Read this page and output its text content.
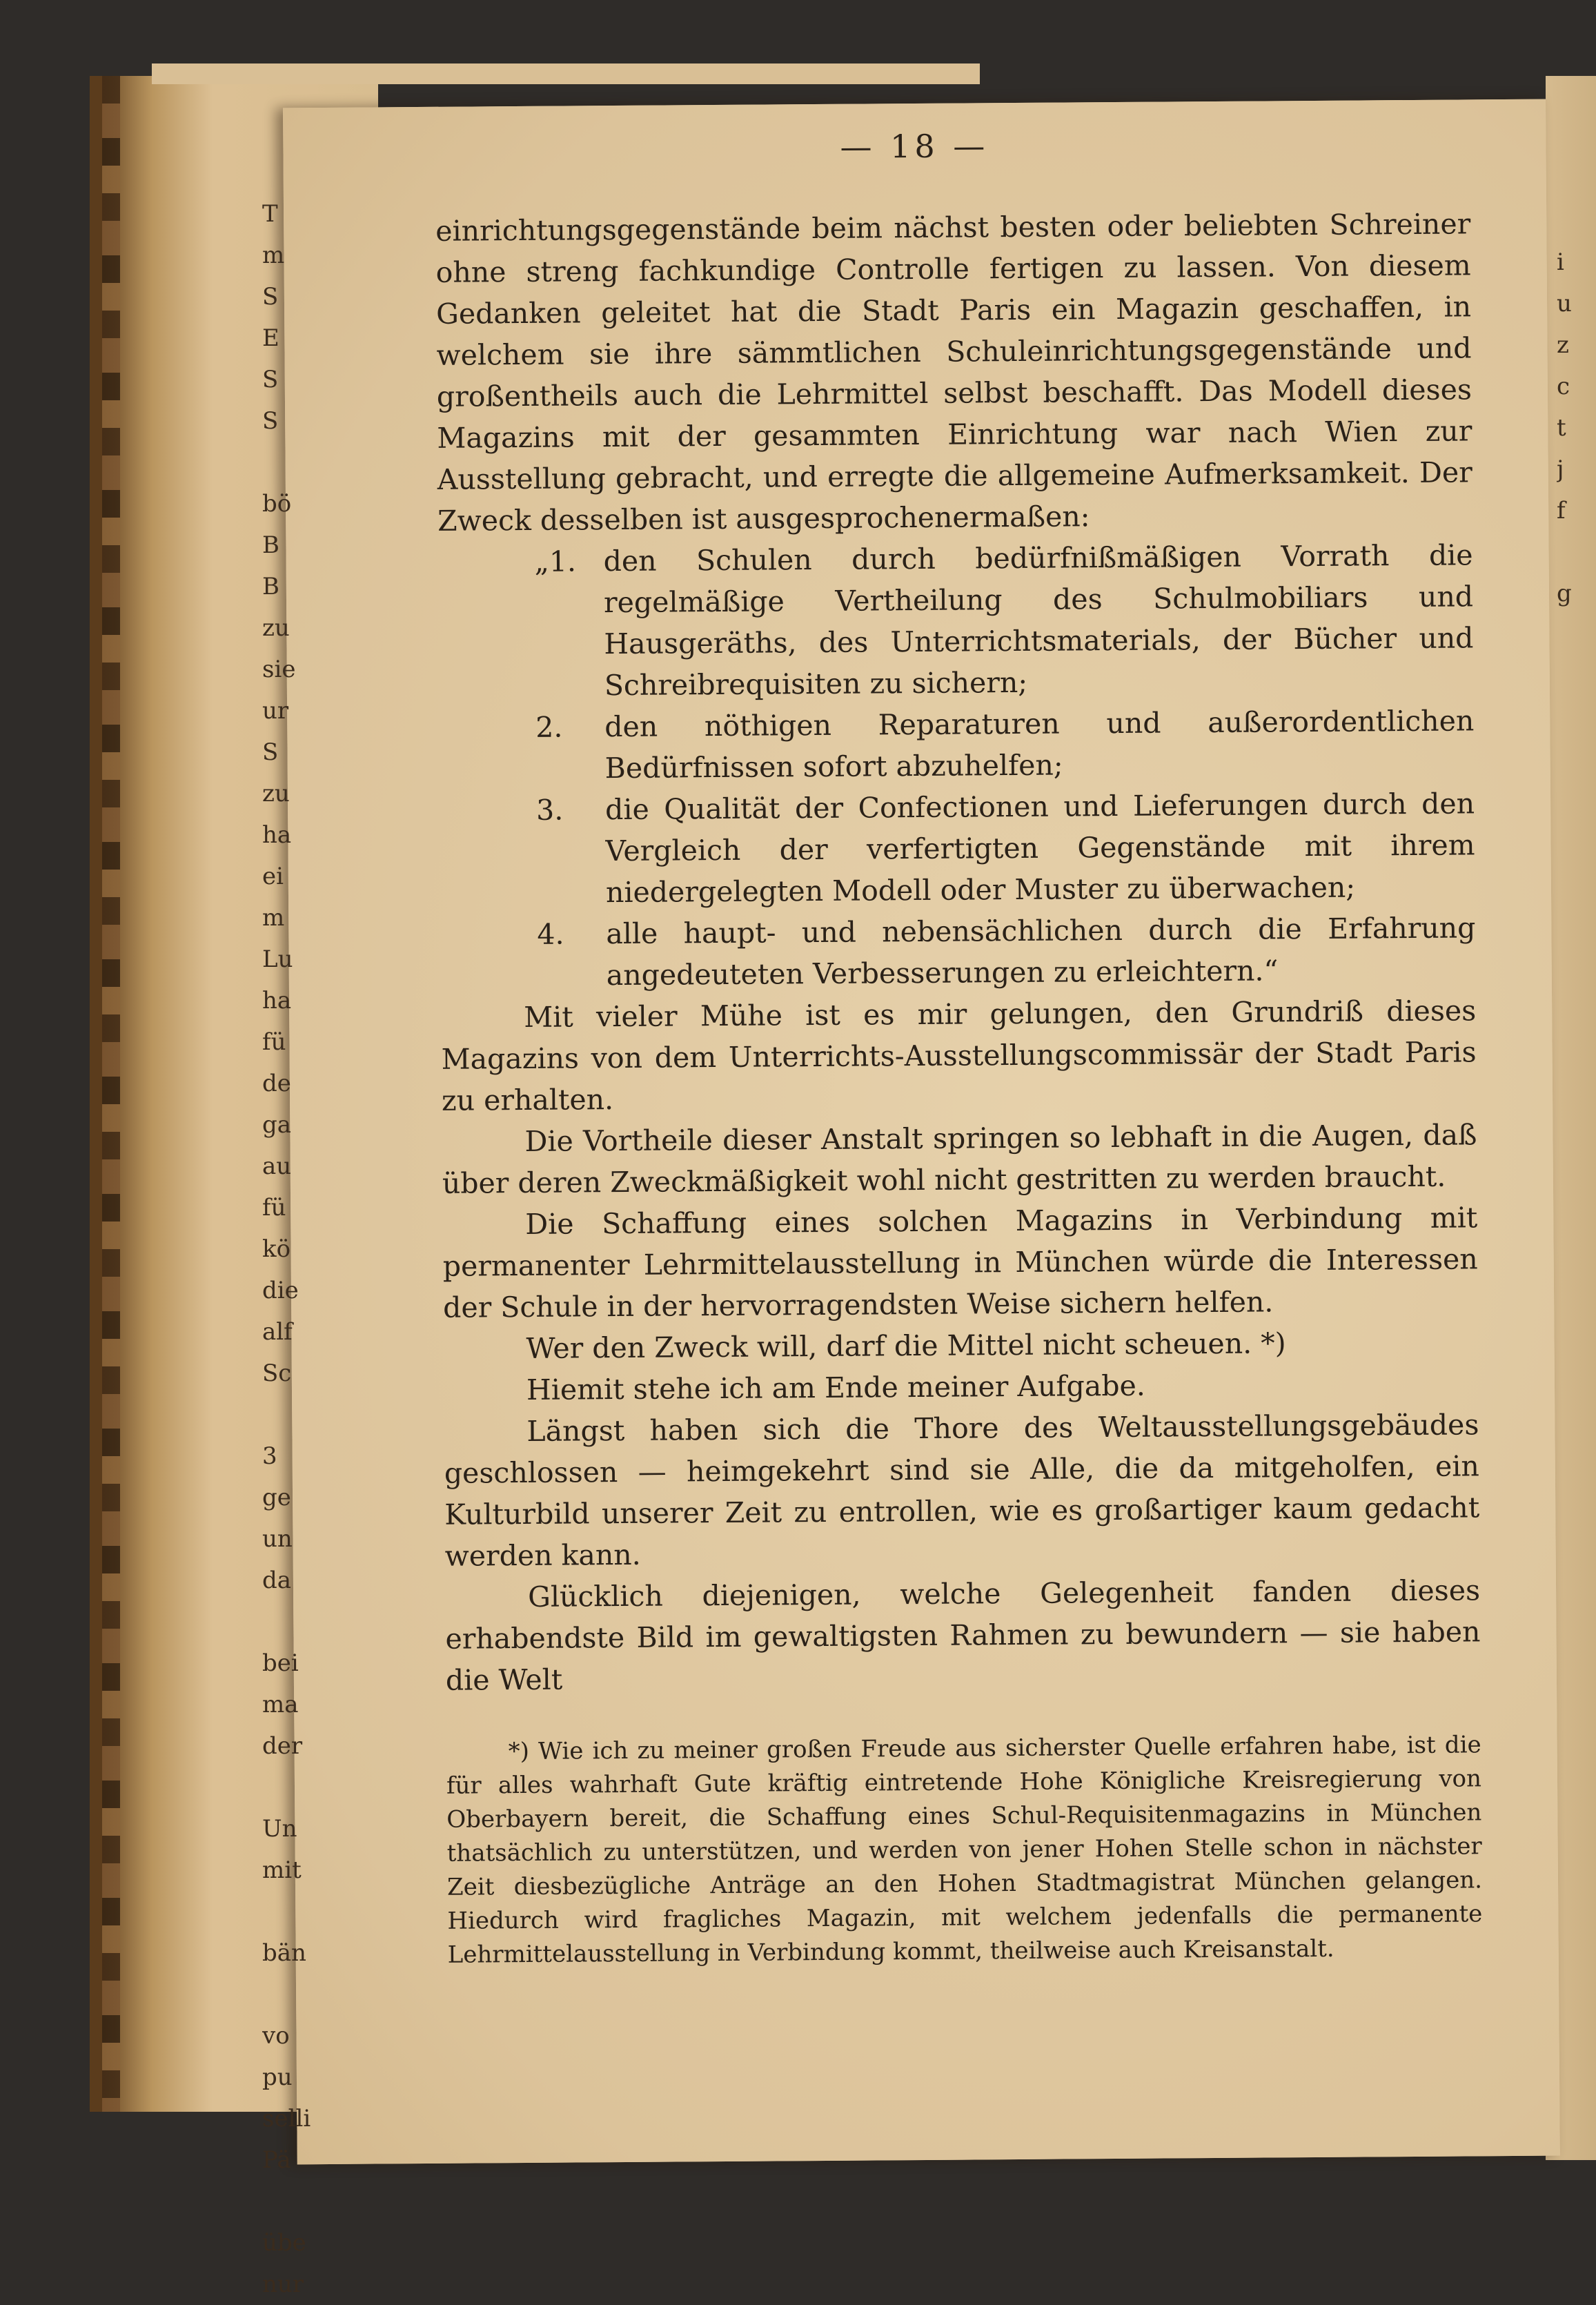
i
u
z
c
t
j
f
g
— 18 —

einrichtungsgegenstände beim nächst besten oder beliebten Schreiner ohne streng fachkundige Controlle fertigen zu lassen. Von diesem Gedanken geleitet hat die Stadt Paris ein Magazin geschaffen, in welchem sie ihre sämmtlichen Schuleinrichtungsgegenstände und großentheils auch die Lehrmittel selbst beschafft. Das Modell dieses Magazins mit der gesammten Einrichtung war nach Wien zur Ausstellung gebracht, und erregte die allgemeine Aufmerksamkeit. Der Zweck desselben ist ausgesprochenermaßen:

„1. den Schulen durch bedürfnißmäßigen Vorrath die regelmäßige Vertheilung des Schulmobiliars und Hausgeräths, des Unterrichtsmaterials, der Bücher und Schreibrequisiten zu sichern;
2. den nöthigen Reparaturen und außerordentlichen Bedürfnissen sofort abzuhelfen;
3. die Qualität der Confectionen und Lieferungen durch den Vergleich der verfertigten Gegenstände mit ihrem niedergelegten Modell oder Muster zu überwachen;
4. alle haupt- und nebensächlichen durch die Erfahrung angedeuteten Verbesserungen zu erleichtern.“

Mit vieler Mühe ist es mir gelungen, den Grundriß dieses Magazins von dem Unterrichts-Ausstellungscommissär der Stadt Paris zu erhalten.

Die Vortheile dieser Anstalt springen so lebhaft in die Augen, daß über deren Zweckmäßigkeit wohl nicht gestritten zu werden braucht.

Die Schaffung eines solchen Magazins in Verbindung mit permanenter Lehrmittelausstellung in München würde die Interessen der Schule in der hervorragendsten Weise sichern helfen.

Wer den Zweck will, darf die Mittel nicht scheuen. *)

Hiemit stehe ich am Ende meiner Aufgabe.

Längst haben sich die Thore des Weltausstellungsgebäudes geschlossen — heimgekehrt sind sie Alle, die da mitgeholfen, ein Kulturbild unserer Zeit zu entrollen, wie es großartiger kaum gedacht werden kann.

Glücklich diejenigen, welche Gelegenheit fanden dieses erhabendste Bild im gewaltigsten Rahmen zu bewundern — sie haben die Welt

*) Wie ich zu meiner großen Freude aus sicherster Quelle erfahren habe, ist die für alles wahrhaft Gute kräftig eintretende Hohe Königliche Kreisregierung von Oberbayern bereit, die Schaffung eines Schul-Requisitenmagazins in München thatsächlich zu unterstützen, und werden von jener Hohen Stelle schon in nächster Zeit diesbezügliche Anträge an den Hohen Stadtmagistrat München gelangen. Hiedurch wird fragliches Magazin, mit welchem jedenfalls die permanente Lehrmittelausstellung in Verbindung kommt, theilweise auch Kreisanstalt.

T
m
S
E
S
S
bö
B
B
zu
sie
ur
S
zu
ha
ei
m
Lu
ha
fü
de
ga
au
fü
kö
die
alf
Sc
3
ge
un
da
bei
ma
der
Un
mit
bän
vo
pu
selli
Pä
übe
nur
